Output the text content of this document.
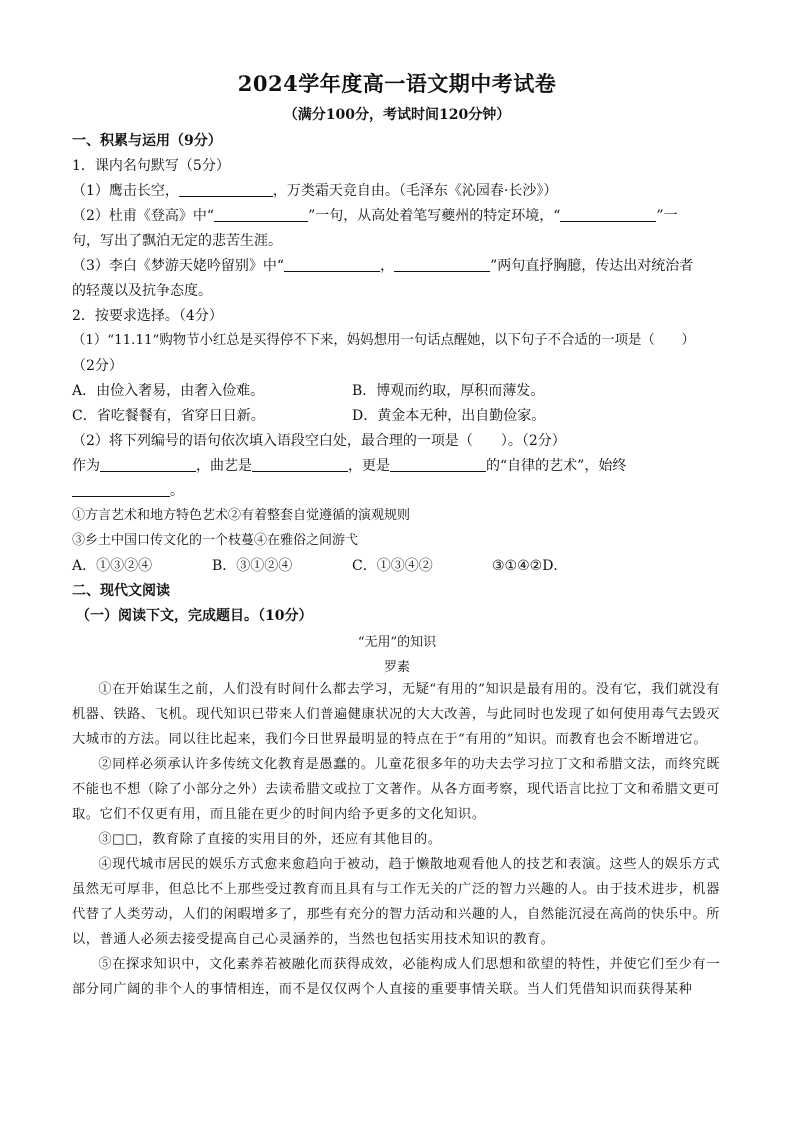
2024学年度高一语文期中考试卷
（满分100分，考试时间120分钟）
一、积累与运用（9分）
1．课内名句默写（5分）
（1）鹰击长空，	，万类霜天竞自由。（毛泽东《沁园春·长沙》）
（2）杜甫《登高》中“	”一句，从高处着笔写夔州的特定环境，“	”一
句，写出了飘泊无定的悲苦生涯。
（3）李白《梦游天姥吟留别》中“	，	”两句直抒胸臆，传达出对统治者
的轻蔑以及抗争态度。
2．按要求选择。（4分）
（1）“11.11”购物节小红总是买得停不下来，妈妈想用一句话点醒她，以下句子不合适的一项是（　　）
（2分）
A．由俭入奢易，由奢入俭难。	B．博观而约取，厚积而薄发。
C．省吃餐餐有，省穿日日新。	D．黄金本无种，出自勤俭家。
（2）将下列编号的语句依次填入语段空白处，最合理的一项是（　　）。（2分）
作为	，曲艺是	，更是	的“自律的艺术”，始终
。
①方言艺术和地方特色艺术②有着整套自觉遵循的演观规则
③乡土中国口传文化的一个枝蔓④在雅俗之间游弋
A．①③②④	B．③①②④	C．①③④②	③①④②D．
二、现代文阅读
（一）阅读下文，完成题目。（10分）
“无用”的知识
罗素

①在开始谋生之前，人们没有时间什么都去学习，无疑“有用的”知识是最有用的。没有它，我们就没有机器、铁路、飞机。现代知识已带来人们普遍健康状况的大大改善，与此同时也发现了如何使用毒气去毁灭大城市的方法。同以往比起来，我们今日世界最明显的特点在于“有用的”知识。而教育也会不断增进它。

②同样必须承认许多传统文化教育是愚蠢的。儿童花很多年的功夫去学习拉丁文和希腊文法，而终究既不能也不想（除了小部分之外）去读希腊文或拉丁文著作。从各方面考察，现代语言比拉丁文和希腊文更可取。它们不仅更有用，而且能在更少的时间内给予更多的文化知识。

③□□，教育除了直接的实用目的外，还应有其他目的。

④现代城市居民的娱乐方式愈来愈趋向于被动，趋于懒散地观看他人的技艺和表演。这些人的娱乐方式虽然无可厚非，但总比不上那些受过教育而且具有与工作无关的广泛的智力兴趣的人。由于技术进步，机器代替了人类劳动，人们的闲暇增多了，那些有充分的智力活动和兴趣的人，自然能沉浸在高尚的快乐中。所以，普通人必须去接受提高自己心灵涵养的，当然也包括实用技术知识的教育。

⑤在探求知识中，文化素养若被融化而获得成效，必能构成人们思想和欲望的特性，并使它们至少有一部分同广阔的非个人的事情相连，而不是仅仅两个人直接的重要事情关联。当人们凭借知识而获得某种
